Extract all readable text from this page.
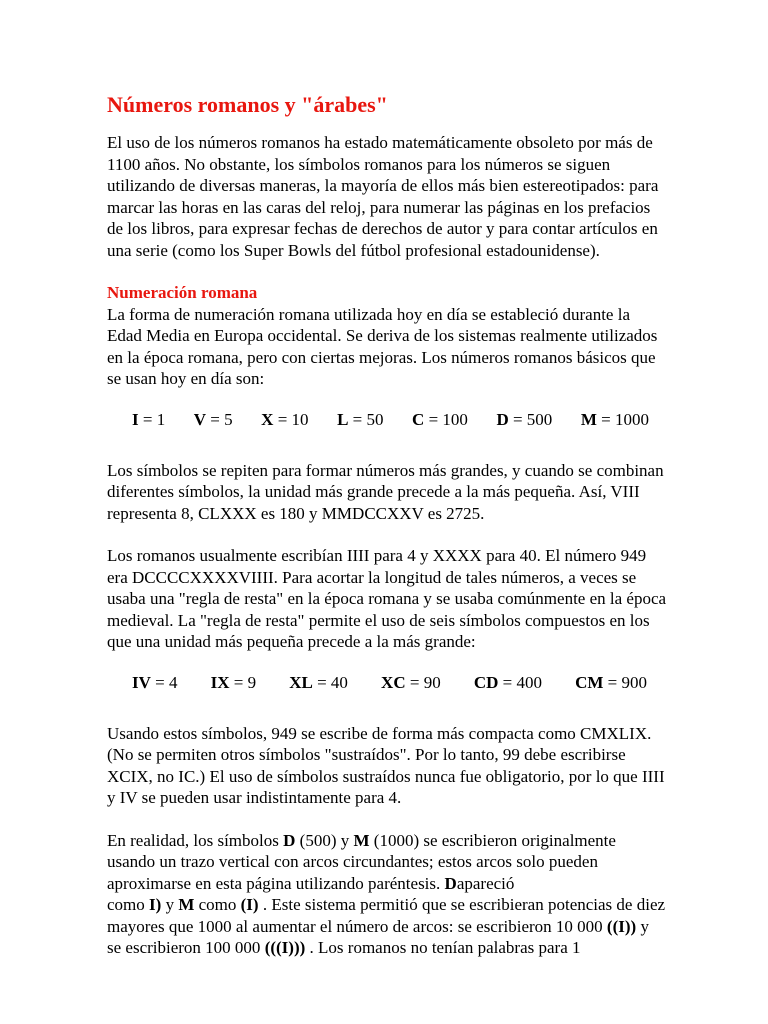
Números romanos y "árabes"

El uso de los números romanos ha estado matemáticamente obsoleto por más de 1100 años. No obstante, los símbolos romanos para los números se siguen utilizando de diversas maneras, la mayoría de ellos más bien estereotipados: para marcar las horas en las caras del reloj, para numerar las páginas en los prefacios de los libros, para expresar fechas de derechos de autor y para contar artículos en una serie (como los Super Bowls del fútbol profesional estadounidense).

Numeración romana
La forma de numeración romana utilizada hoy en día se estableció durante la Edad Media en Europa occidental. Se deriva de los sistemas realmente utilizados en la época romana, pero con ciertas mejoras. Los números romanos básicos que se usan hoy en día son:

I = 1 V = 5 X = 10 L = 50 C = 100 D = 500 M = 1000

Los símbolos se repiten para formar números más grandes, y cuando se combinan diferentes símbolos, la unidad más grande precede a la más pequeña. Así, VIII representa 8, CLXXX es 180 y MMDCCXXV es 2725.

Los romanos usualmente escribían IIII para 4 y XXXX para 40. El número 949 era DCCCCXXXXVIIII. Para acortar la longitud de tales números, a veces se usaba una "regla de resta" en la época romana y se usaba comúnmente en la época medieval. La "regla de resta" permite el uso de seis símbolos compuestos en los que una unidad más pequeña precede a la más grande:

IV = 4 IX = 9 XL = 40 XC = 90 CD = 400 CM = 900

Usando estos símbolos, 949 se escribe de forma más compacta como CMXLIX. (No se permiten otros símbolos "sustraídos". Por lo tanto, 99 debe escribirse XCIX, no IC.) El uso de símbolos sustraídos nunca fue obligatorio, por lo que IIII y IV se pueden usar indistintamente para 4.

En realidad, los símbolos D (500) y M (1000) se escribieron originalmente usando un trazo vertical con arcos circundantes; estos arcos solo pueden aproximarse en esta página utilizando paréntesis. Dapareció
como I) y M como (I) . Este sistema permitió que se escribieran potencias de diez mayores que 1000 al aumentar el número de arcos: se escribieron 10 000 ((I)) y se escribieron 100 000 (((I))) . Los romanos no tenían palabras para 1
